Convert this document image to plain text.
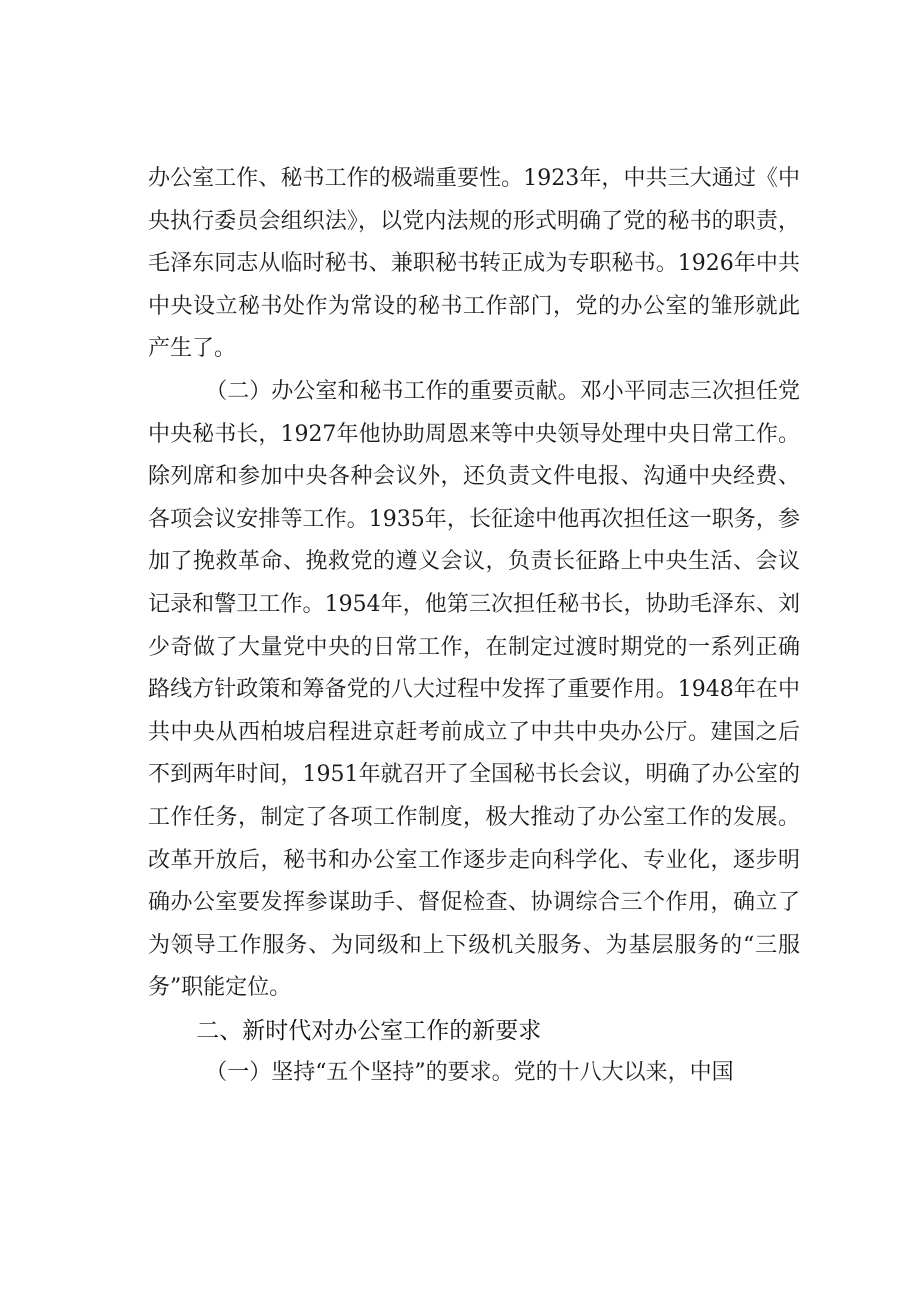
办公室工作、秘书工作的极端重要性。1923年，中共三大通过《中央执行委员会组织法》，以党内法规的形式明确了党的秘书的职责，毛泽东同志从临时秘书、兼职秘书转正成为专职秘书。1926年中共中央设立秘书处作为常设的秘书工作部门，党的办公室的雏形就此产生了。

（二）办公室和秘书工作的重要贡献。邓小平同志三次担任党中央秘书长，1927年他协助周恩来等中央领导处理中央日常工作。除列席和参加中央各种会议外，还负责文件电报、沟通中央经费、各项会议安排等工作。1935年，长征途中他再次担任这一职务，参加了挽救革命、挽救党的遵义会议，负责长征路上中央生活、会议记录和警卫工作。1954年，他第三次担任秘书长，协助毛泽东、刘少奇做了大量党中央的日常工作，在制定过渡时期党的一系列正确路线方针政策和筹备党的八大过程中发挥了重要作用。1948年在中共中央从西柏坡启程进京赶考前成立了中共中央办公厅。建国之后不到两年时间，1951年就召开了全国秘书长会议，明确了办公室的工作任务，制定了各项工作制度，极大推动了办公室工作的发展。改革开放后，秘书和办公室工作逐步走向科学化、专业化，逐步明确办公室要发挥参谋助手、督促检查、协调综合三个作用，确立了为领导工作服务、为同级和上下级机关服务、为基层服务的“三服务”职能定位。

二、新时代对办公室工作的新要求

（一）坚持“五个坚持”的要求。党的十八大以来，中国
